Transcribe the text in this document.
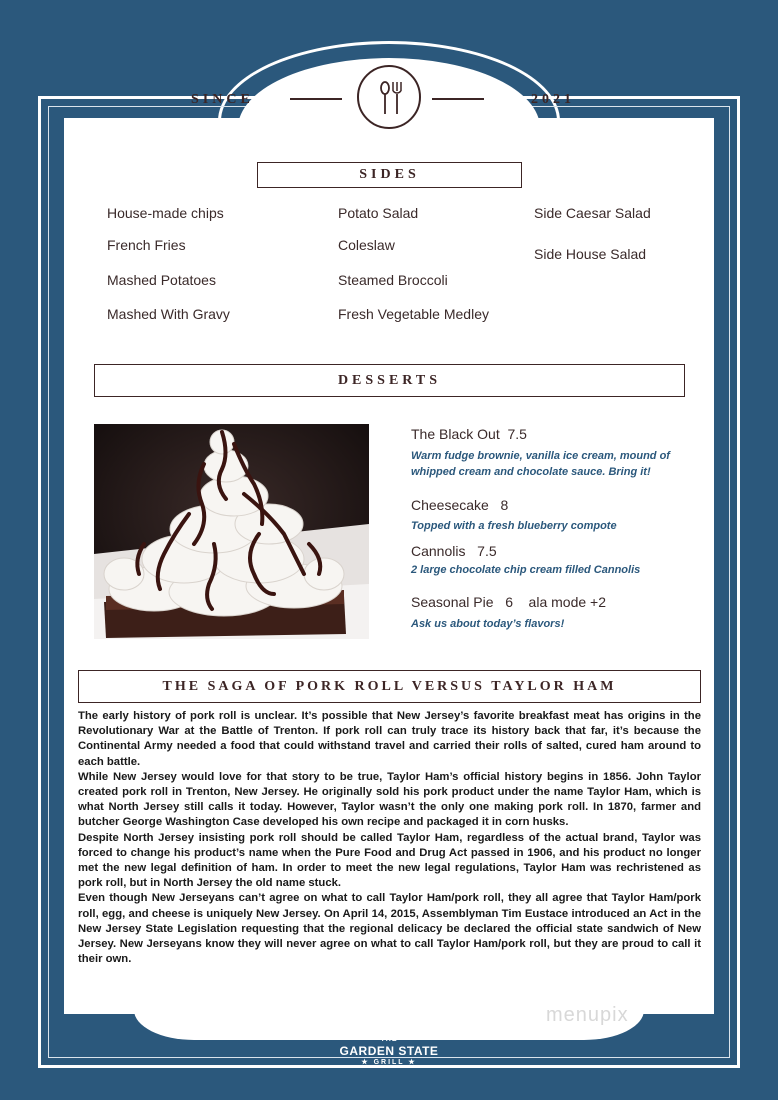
SINCE	2021
SIDES
House-made chips
French Fries
Mashed Potatoes
Mashed With Gravy
Potato Salad
Coleslaw
Steamed Broccoli
Fresh Vegetable Medley
Side Caesar Salad
Side House Salad
DESSERTS
The Black Out 7.5
Warm fudge brownie, vanilla ice cream, mound of whipped cream and chocolate sauce. Bring it!
Cheesecake 8
Topped with a fresh blueberry compote
Cannolis 7.5
2 large chocolate chip cream filled Cannolis
Seasonal Pie 6 ala mode +2
Ask us about today’s flavors!
THE SAGA OF PORK ROLL VERSUS TAYLOR HAM

The early history of pork roll is unclear. It’s possible that New Jersey’s favorite breakfast meat has origins in the Revolutionary War at the Battle of Trenton. If pork roll can truly trace its history back that far, it’s because the Continental Army needed a food that could withstand travel and carried their rolls of salted, cured ham around to each battle.

While New Jersey would love for that story to be true, Taylor Ham’s official history begins in 1856. John Taylor created pork roll in Trenton, New Jersey. He originally sold his pork product under the name Taylor Ham, which is what North Jersey still calls it today. However, Taylor wasn’t the only one making pork roll. In 1870, farmer and butcher George Washington Case developed his own recipe and packaged it in corn husks.

Despite North Jersey insisting pork roll should be called Taylor Ham, regardless of the actual brand, Taylor was forced to change his product’s name when the Pure Food and Drug Act passed in 1906, and his product no longer met the new legal definition of ham. In order to meet the new legal regulations, Taylor Ham was rechristened as pork roll, but in North Jersey the old name stuck.

Even though New Jerseyans can’t agree on what to call Taylor Ham/pork roll, they all agree that Taylor Ham/pork roll, egg, and cheese is uniquely New Jersey. On April 14, 2015, Assemblyman Tim Eustace introduced an Act in the New Jersey State Legislation requesting that the regional delicacy be declared the official state sandwich of New Jersey. New Jerseyans know they will never agree on what to call Taylor Ham/pork roll, but they are proud to call it their own.

menupix
THE
GARDEN STATE
★ GRILL ★
